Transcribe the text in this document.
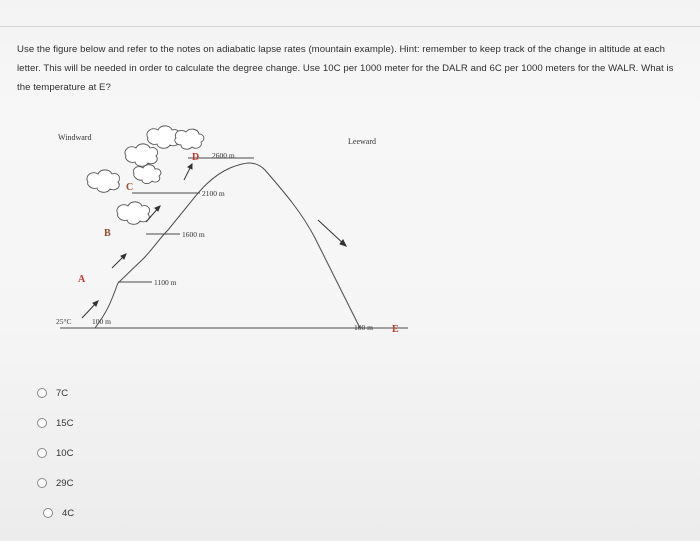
Use the figure below and refer to the notes on adiabatic lapse rates (mountain example). Hint: remember to keep track of the change in altitude at each letter. This will be needed in order to calculate the degree change. Use 10C per 1000 meter for the DALR and 6C per 1000 meters for the WALR. What is the temperature at E?
Windward	Leeward
25°C	100 m
1100 m
1600 m
2100 m
2600 m
100 m
A
B
C
D
E
7C
15C
10C
29C
4C
